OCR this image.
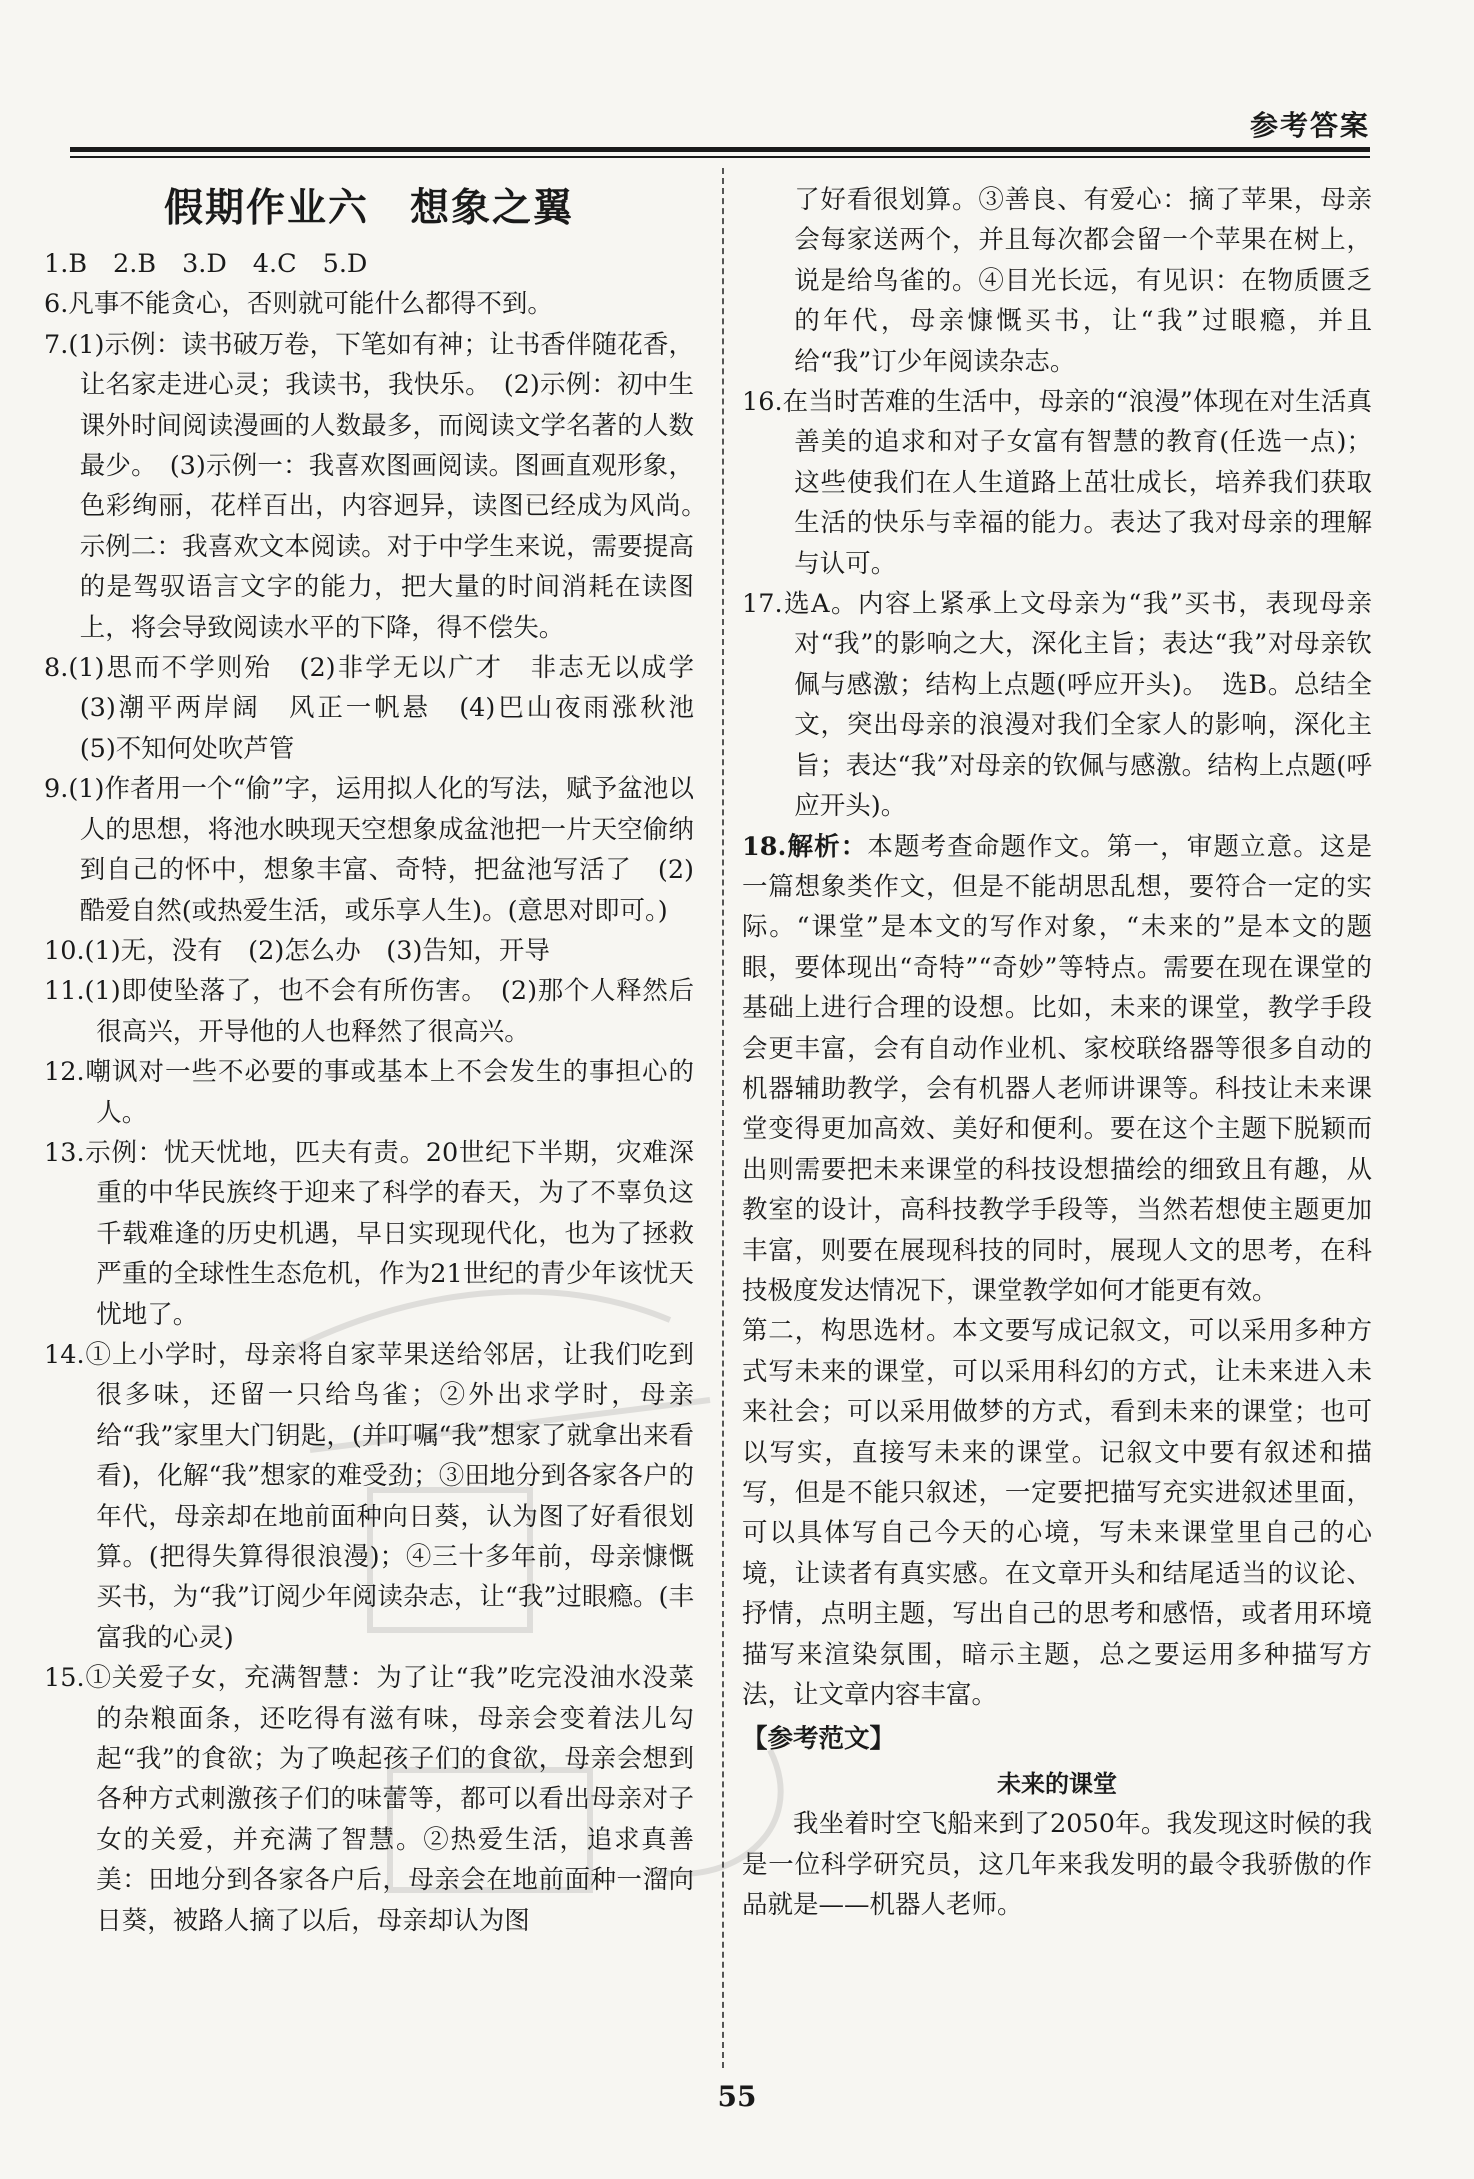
参考答案
假期作业六　想象之翼

1.B 2.B 3.D 4.C 5.D

6.凡事不能贪心，否则就可能什么都得不到。

7.(1)示例：读书破万卷，下笔如有神；让书香伴随花香，让名家走进心灵；我读书，我快乐。　(2)示例：初中生课外时间阅读漫画的人数最多，而阅读文学名著的人数最少。　(3)示例一：我喜欢图画阅读。图画直观形象，色彩绚丽，花样百出，内容迥异，读图已经成为风尚。　示例二：我喜欢文本阅读。对于中学生来说，需要提高的是驾驭语言文字的能力，把大量的时间消耗在读图上，将会导致阅读水平的下降，得不偿失。

8.(1)思而不学则殆　(2)非学无以广才　非志无以成学　(3)潮平两岸阔　风正一帆悬　(4)巴山夜雨涨秋池　(5)不知何处吹芦管

9.(1)作者用一个“偷”字，运用拟人化的写法，赋予盆池以人的思想，将池水映现天空想象成盆池把一片天空偷纳到自己的怀中，想象丰富、奇特，把盆池写活了　(2)酷爱自然(或热爱生活，或乐享人生)。(意思对即可。)

10.(1)无，没有　(2)怎么办　(3)告知，开导

11.(1)即使坠落了，也不会有所伤害。　(2)那个人释然后很高兴，开导他的人也释然了很高兴。

12.嘲讽对一些不必要的事或基本上不会发生的事担心的人。

13.示例：忧天忧地，匹夫有责。20世纪下半期，灾难深重的中华民族终于迎来了科学的春天，为了不辜负这千载难逢的历史机遇，早日实现现代化，也为了拯救严重的全球性生态危机，作为21世纪的青少年该忧天忧地了。

14.①上小学时，母亲将自家苹果送给邻居，让我们吃到很多味，还留一只给鸟雀；②外出求学时，母亲给“我”家里大门钥匙，(并叮嘱“我”想家了就拿出来看看)，化解“我”想家的难受劲；③田地分到各家各户的年代，母亲却在地前面种向日葵，认为图了好看很划算。(把得失算得很浪漫)；④三十多年前，母亲慷慨买书，为“我”订阅少年阅读杂志，让“我”过眼瘾。(丰富我的心灵)

15.①关爱子女，充满智慧：为了让“我”吃完没油水没菜的杂粮面条，还吃得有滋有味，母亲会变着法儿勾起“我”的食欲；为了唤起孩子们的食欲，母亲会想到各种方式刺激孩子们的味蕾等，都可以看出母亲对子女的关爱，并充满了智慧。②热爱生活，追求真善美：田地分到各家各户后，母亲会在地前面种一溜向日葵，被路人摘了以后，母亲却认为图

了好看很划算。③善良、有爱心：摘了苹果，母亲会每家送两个，并且每次都会留一个苹果在树上，说是给鸟雀的。④目光长远，有见识：在物质匮乏的年代，母亲慷慨买书，让“我”过眼瘾，并且给“我”订少年阅读杂志。

16.在当时苦难的生活中，母亲的“浪漫”体现在对生活真善美的追求和对子女富有智慧的教育(任选一点)；这些使我们在人生道路上茁壮成长，培养我们获取生活的快乐与幸福的能力。表达了我对母亲的理解与认可。

17.选A。内容上紧承上文母亲为“我”买书，表现母亲对“我”的影响之大，深化主旨；表达“我”对母亲钦佩与感激；结构上点题(呼应开头)。　选B。总结全文，突出母亲的浪漫对我们全家人的影响，深化主旨；表达“我”对母亲的钦佩与感激。结构上点题(呼应开头)。

18.解析：本题考查命题作文。第一，审题立意。这是一篇想象类作文，但是不能胡思乱想，要符合一定的实际。“课堂”是本文的写作对象，“未来的”是本文的题眼，要体现出“奇特”“奇妙”等特点。需要在现在课堂的基础上进行合理的设想。比如，未来的课堂，教学手段会更丰富，会有自动作业机、家校联络器等很多自动的机器辅助教学，会有机器人老师讲课等。科技让未来课堂变得更加高效、美好和便利。要在这个主题下脱颖而出则需要把未来课堂的科技设想描绘的细致且有趣，从教室的设计，高科技教学手段等，当然若想使主题更加丰富，则要在展现科技的同时，展现人文的思考，在科技极度发达情况下，课堂教学如何才能更有效。

第二，构思选材。本文要写成记叙文，可以采用多种方式写未来的课堂，可以采用科幻的方式，让未来进入未来社会；可以采用做梦的方式，看到未来的课堂；也可以写实，直接写未来的课堂。记叙文中要有叙述和描写，但是不能只叙述，一定要把描写充实进叙述里面，可以具体写自己今天的心境，写未来课堂里自己的心境，让读者有真实感。在文章开头和结尾适当的议论、抒情，点明主题，写出自己的思考和感悟，或者用环境描写来渲染氛围，暗示主题，总之要运用多种描写方法，让文章内容丰富。

【参考范文】
未来的课堂

我坐着时空飞船来到了2050年。我发现这时候的我是一位科学研究员，这几年来我发明的最令我骄傲的作品就是——机器人老师。

55
